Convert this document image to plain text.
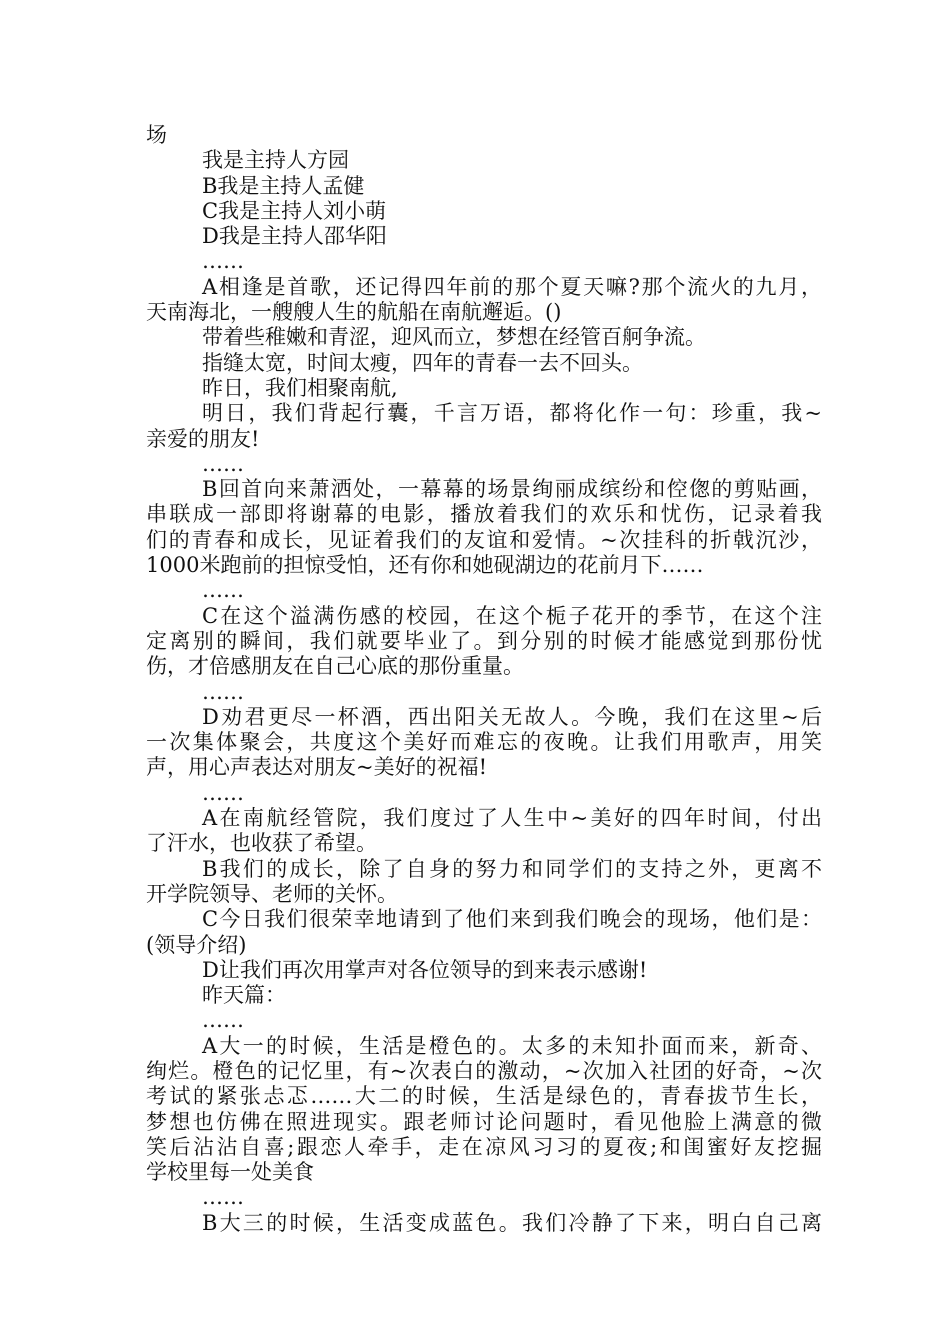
场
我是主持人方园
B我是主持人孟健
C我是主持人刘小萌
D我是主持人邵华阳
……
A相逢是首歌，还记得四年前的那个夏天嘛?那个流火的九月，
天南海北，一艘艘人生的航船在南航邂逅。()
带着些稚嫩和青涩，迎风而立，梦想在经管百舸争流。
指缝太宽，时间太瘦，四年的青春一去不回头。
昨日，我们相聚南航,
明日，我们背起行囊，千言万语，都将化作一句：珍重，我~
亲爱的朋友!
……
B回首向来萧洒处，一幕幕的场景绚丽成缤纷和倥偬的剪贴画，
串联成一部即将谢幕的电影，播放着我们的欢乐和忧伤，记录着我
们的青春和成长，见证着我们的友谊和爱情。~次挂科的折戟沉沙，
1000米跑前的担惊受怕，还有你和她砚湖边的花前月下……
……
C在这个溢满伤感的校园，在这个栀子花开的季节，在这个注
定离别的瞬间，我们就要毕业了。到分别的时候才能感觉到那份忧
伤，才倍感朋友在自己心底的那份重量。
……
D劝君更尽一杯酒，西出阳关无故人。今晚，我们在这里~后
一次集体聚会，共度这个美好而难忘的夜晚。让我们用歌声，用笑
声，用心声表达对朋友~美好的祝福!
……
A在南航经管院，我们度过了人生中~美好的四年时间，付出
了汗水，也收获了希望。
B我们的成长，除了自身的努力和同学们的支持之外，更离不
开学院领导、老师的关怀。
C今日我们很荣幸地请到了他们来到我们晚会的现场，他们是：
(领导介绍)
D让我们再次用掌声对各位领导的到来表示感谢!
昨天篇：
……
A大一的时候，生活是橙色的。太多的未知扑面而来，新奇、
绚烂。橙色的记忆里，有~次表白的激动，~次加入社团的好奇，~次
考试的紧张忐忑……大二的时候，生活是绿色的，青春拔节生长，
梦想也仿佛在照进现实。跟老师讨论问题时，看见他脸上满意的微
笑后沾沾自喜;跟恋人牵手，走在凉风习习的夏夜;和闺蜜好友挖掘
学校里每一处美食
……
B大三的时候，生活变成蓝色。我们冷静了下来，明白自己离
